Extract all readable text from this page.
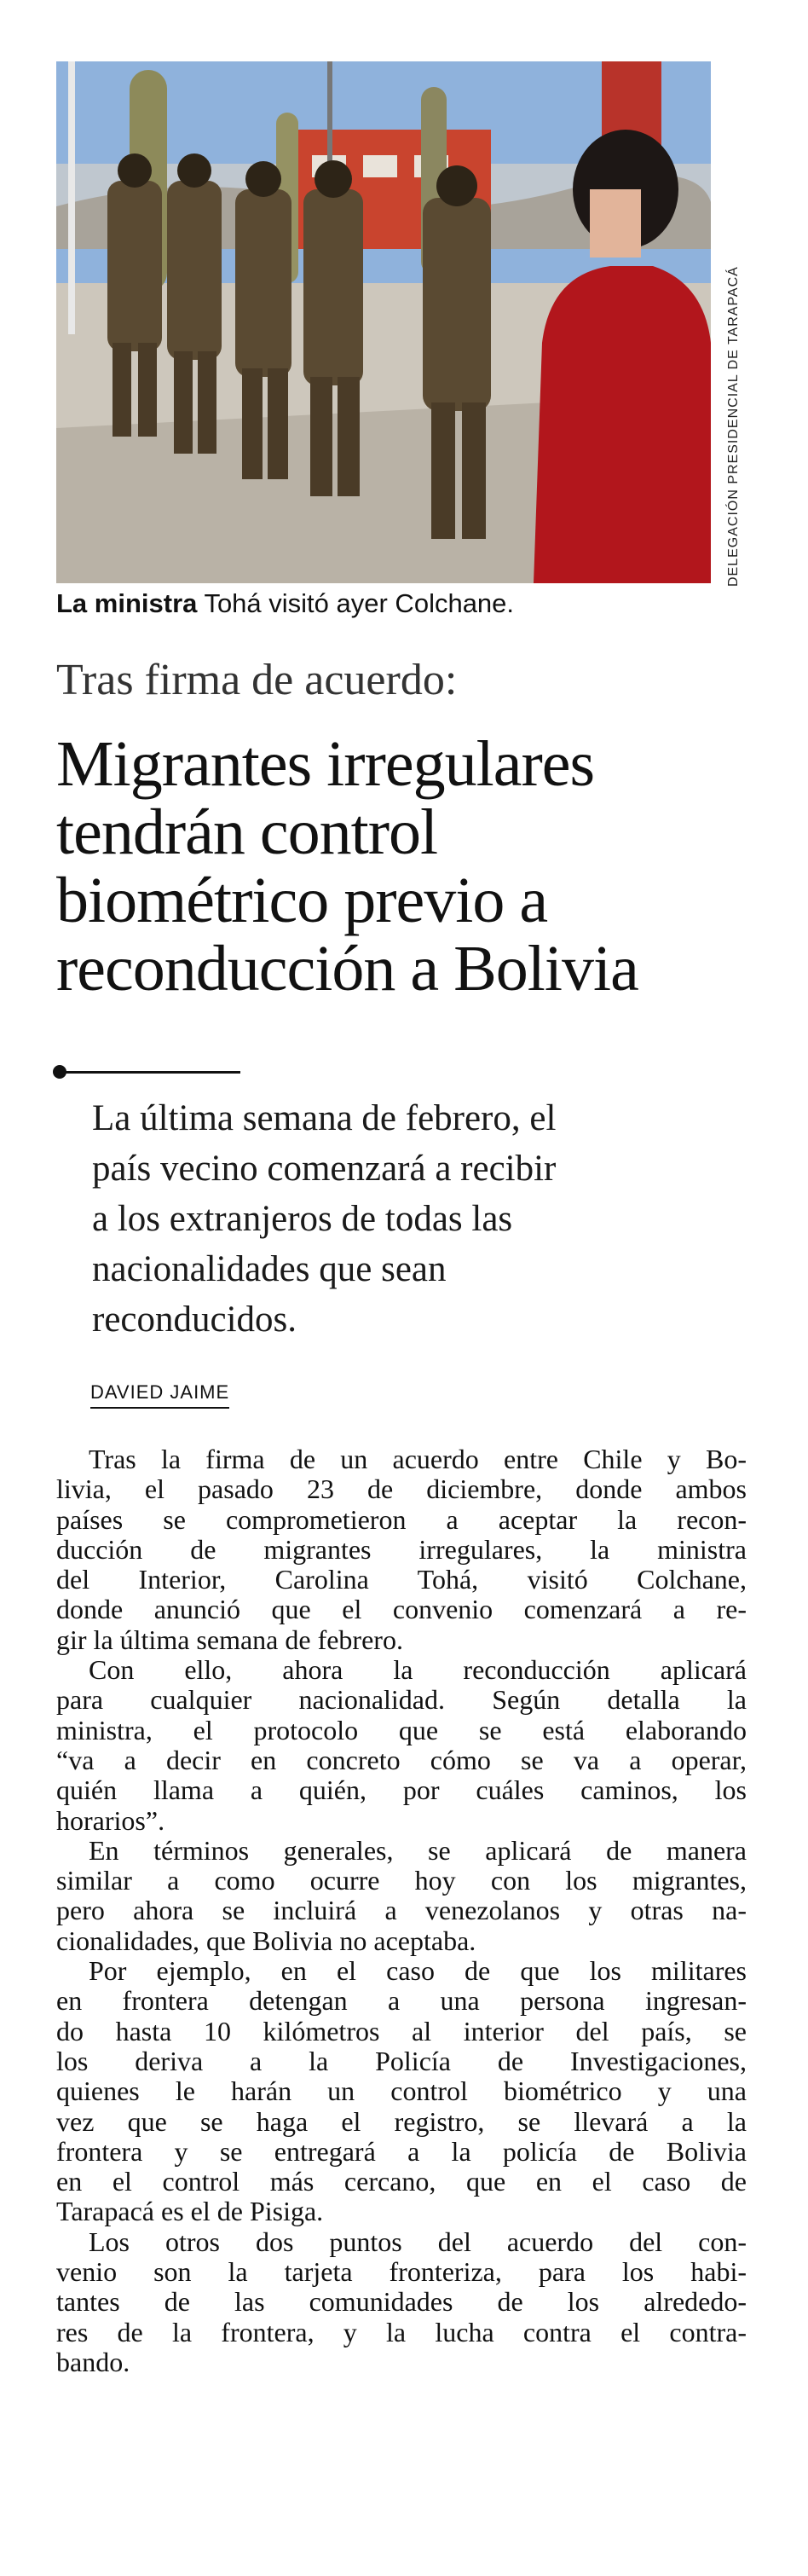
DELEGACIÓN PRESIDENCIAL DE TARAPACÁ
La ministra Tohá visitó ayer Colchane.
Tras firma de acuerdo:
Migrantes irregulares
tendrán control
biométrico previo a
reconducción a Bolivia
La última semana de febrero, el
país vecino comenzará a recibir
a los extranjeros de todas las
nacionalidades que sean
reconducidos.
DAVIED JAIME
Tras la firma de un acuerdo entre Chile y Bo-
livia, el pasado 23 de diciembre, donde ambos
países se comprometieron a aceptar la recon-
ducción de migrantes irregulares, la ministra
del Interior, Carolina Tohá, visitó Colchane,
donde anunció que el convenio comenzará a re-
gir la última semana de febrero.
Con ello, ahora la reconducción aplicará
para cualquier nacionalidad. Según detalla la
ministra, el protocolo que se está elaborando
“va a decir en concreto cómo se va a operar,
quién llama a quién, por cuáles caminos, los
horarios”.
En términos generales, se aplicará de manera
similar a como ocurre hoy con los migrantes,
pero ahora se incluirá a venezolanos y otras na-
cionalidades, que Bolivia no aceptaba.
Por ejemplo, en el caso de que los militares
en frontera detengan a una persona ingresan-
do hasta 10 kilómetros al interior del país, se
los deriva a la Policía de Investigaciones,
quienes le harán un control biométrico y una
vez que se haga el registro, se llevará a la
frontera y se entregará a la policía de Bolivia
en el control más cercano, que en el caso de
Tarapacá es el de Pisiga.
Los otros dos puntos del acuerdo del con-
venio son la tarjeta fronteriza, para los habi-
tantes de las comunidades de los alrededo-
res de la frontera, y la lucha contra el contra-
bando.
